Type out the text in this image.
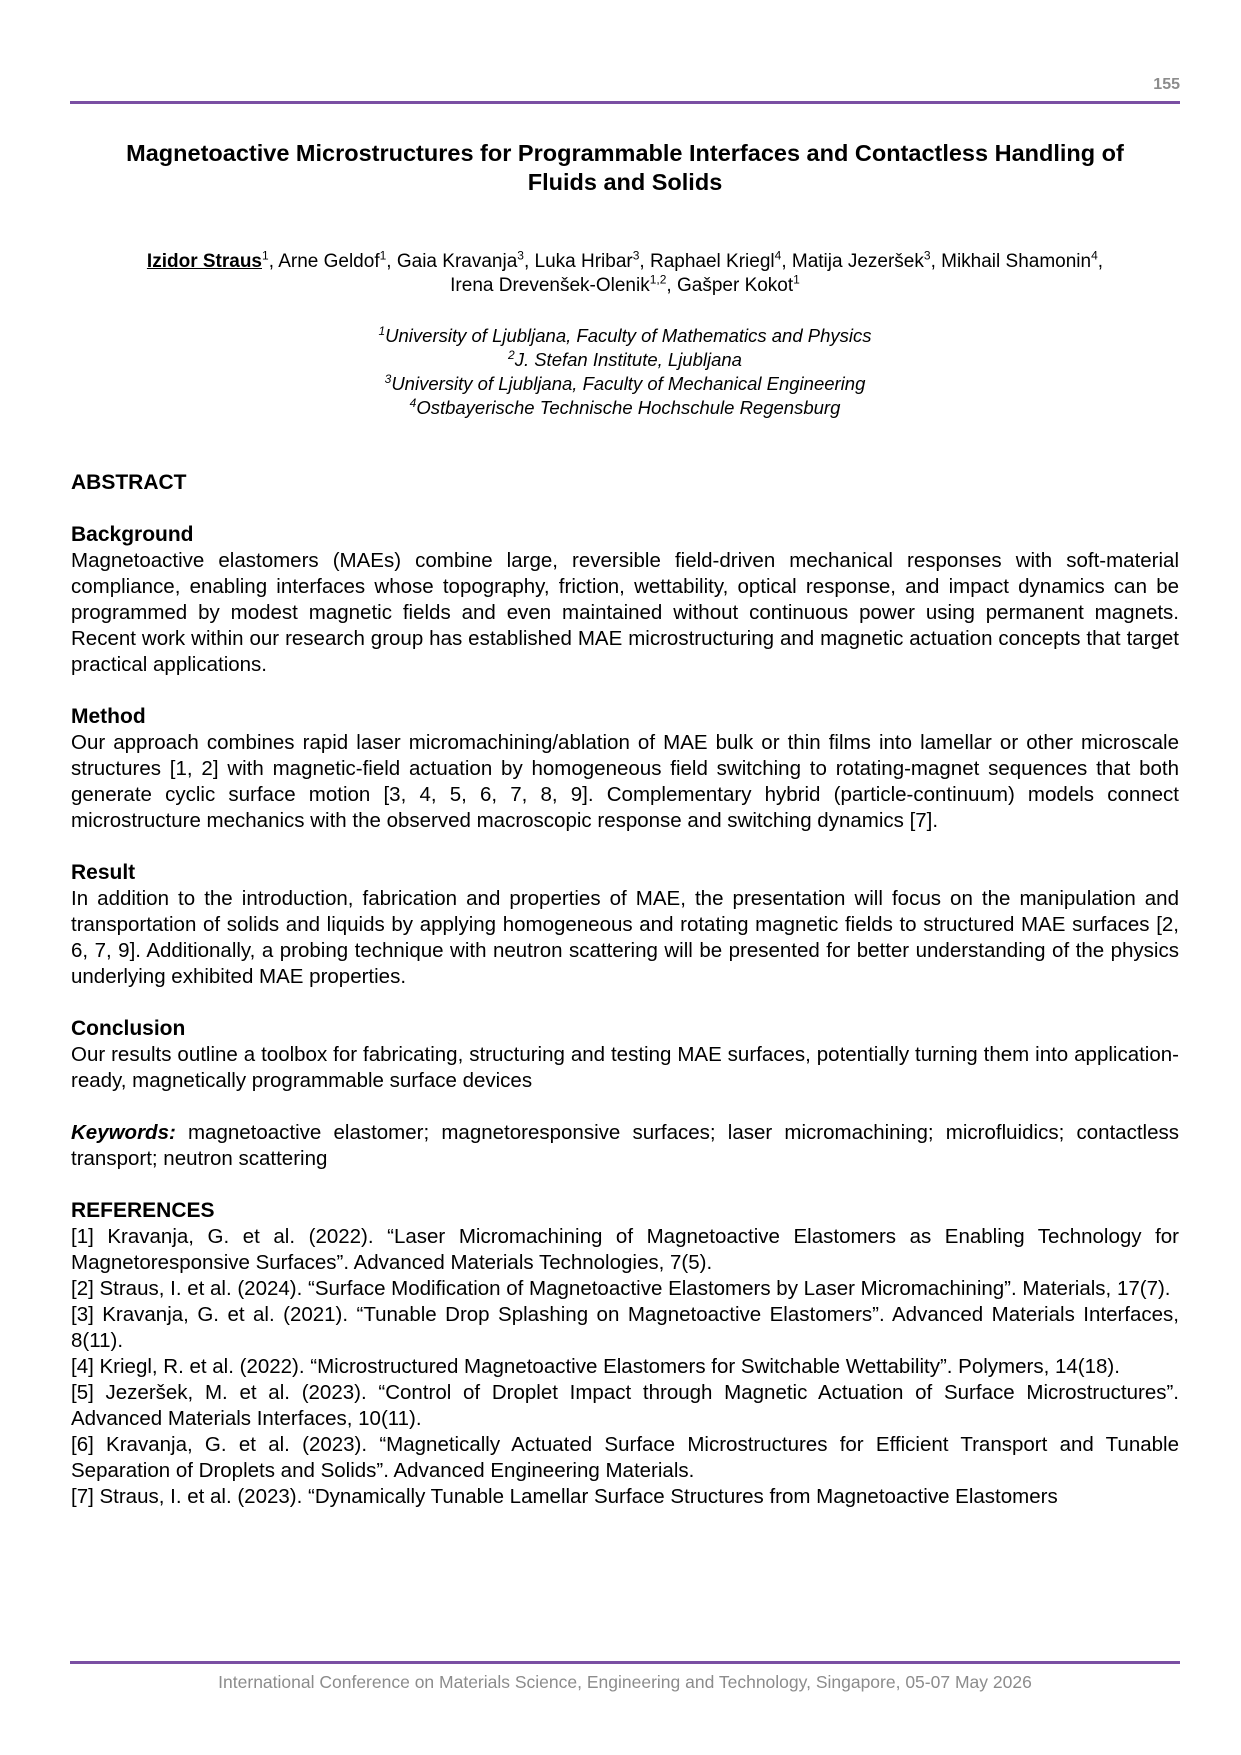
155
Magnetoactive Microstructures for Programmable Interfaces and Contactless Handling of
Fluids and Solids
Izidor Straus$^1$, Arne Geldof$^1$, Gaia Kravanja$^3$, Luka Hribar$^3$, Raphael Kriegl$^4$, Matija Jezeršek$^3$, Mikhail Shamonin$^4$,
Irena Drevenšek-Olenik$^{1,2}$, Gašper Kokot$^1$
$^1$University of Ljubljana, Faculty of Mathematics and Physics
$^2$J. Stefan Institute, Ljubljana
$^3$University of Ljubljana, Faculty of Mechanical Engineering
$^4$Ostbayerische Technische Hochschule Regensburg
ABSTRACT
Background
Magnetoactive elastomers (MAEs) combine large, reversible field-driven mechanical responses with soft-material compliance, enabling interfaces whose topography, friction, wettability, optical response, and impact dynamics can be programmed by modest magnetic fields and even maintained without continuous power using permanent magnets. Recent work within our research group has established MAE microstructuring and magnetic actuation concepts that target practical applications.
Method
Our approach combines rapid laser micromachining/ablation of MAE bulk or thin films into lamellar or other microscale structures [1, 2] with magnetic-field actuation by homogeneous field switching to rotating-magnet sequences that both generate cyclic surface motion [3, 4, 5, 6, 7, 8, 9]. Complementary hybrid (particle-continuum) models connect microstructure mechanics with the observed macroscopic response and switching dynamics [7].
Result
In addition to the introduction, fabrication and properties of MAE, the presentation will focus on the manipulation and transportation of solids and liquids by applying homogeneous and rotating magnetic fields to structured MAE surfaces [2, 6, 7, 9]. Additionally, a probing technique with neutron scattering will be presented for better understanding of the physics underlying exhibited MAE properties.
Conclusion
Our results outline a toolbox for fabricating, structuring and testing MAE surfaces, potentially turning them into application-ready, magnetically programmable surface devices
Keywords: magnetoactive elastomer; magnetoresponsive surfaces; laser micromachining; microfluidics; contactless transport; neutron scattering
REFERENCES
[1] Kravanja, G. et al. (2022). “Laser Micromachining of Magnetoactive Elastomers as Enabling Technology for Magnetoresponsive Surfaces”. Advanced Materials Technologies, 7(5).
[2] Straus, I. et al. (2024). “Surface Modification of Magnetoactive Elastomers by Laser Micromachining”. Materials, 17(7).
[3] Kravanja, G. et al. (2021). “Tunable Drop Splashing on Magnetoactive Elastomers”. Advanced Materials Interfaces, 8(11).
[4] Kriegl, R. et al. (2022). “Microstructured Magnetoactive Elastomers for Switchable Wettability”. Polymers, 14(18).
[5] Jezeršek, M. et al. (2023). “Control of Droplet Impact through Magnetic Actuation of Surface Microstructures”. Advanced Materials Interfaces, 10(11).
[6] Kravanja, G. et al. (2023). “Magnetically Actuated Surface Microstructures for Efficient Transport and Tunable Separation of Droplets and Solids”. Advanced Engineering Materials.
[7] Straus, I. et al. (2023). “Dynamically Tunable Lamellar Surface Structures from Magnetoactive Elastomers
International Conference on Materials Science, Engineering and Technology, Singapore, 05-07 May 2026
